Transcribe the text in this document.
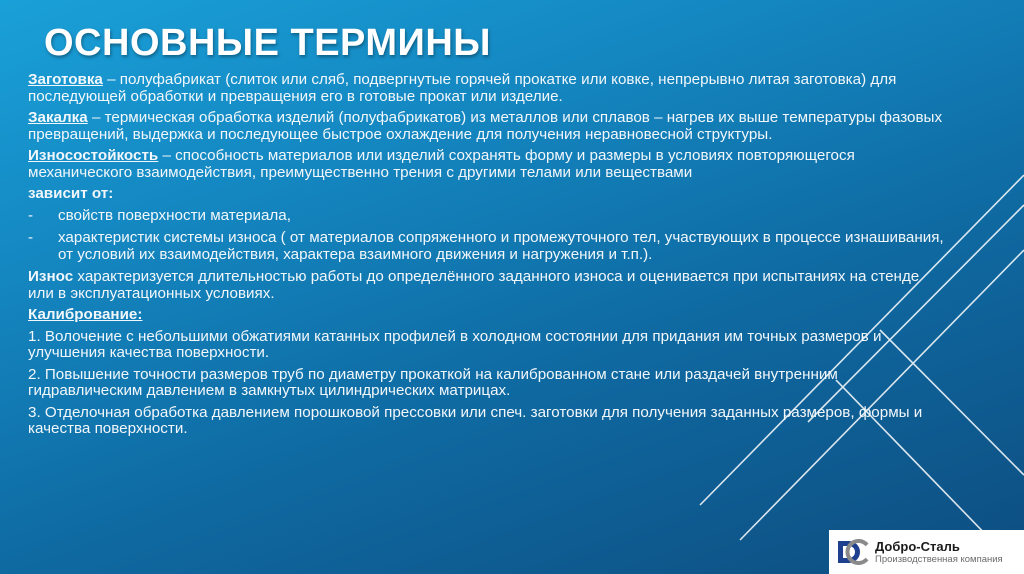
ОСНОВНЫЕ ТЕРМИНЫ

Заготовка – полуфабрикат (слиток или сляб, подвергнутые горячей прокатке или ковке, непрерывно литая заготовка) для последующей обработки и превращения его в готовые прокат или изделие.

Закалка – термическая обработка изделий (полуфабрикатов) из металлов или сплавов – нагрев их выше температуры фазовых превращений, выдержка и последующее быстрое охлаждение для получения неравновесной структуры.

Износостойкость – способность материалов или изделий сохранять форму и размеры в условиях повторяющегося механического взаимодействия, преимущественно трения с другими телами или веществами

зависит от:

-	свойств поверхности материала,
-	характеристик системы износа ( от материалов сопряженного и промежуточного тел, участвующих в процессе изнашивания, от условий их взаимодействия, характера взаимного движения и нагружения и т.п.).

Износ характеризуется длительностью работы до определённого заданного износа и оценивается при испытаниях на стенде или в эксплуатационных условиях.

Калибрование:

1. Волочение с небольшими обжатиями катанных профилей в холодном состоянии для придания им точных размеров и улучшения качества поверхности.

2. Повышение точности размеров труб по диаметру прокаткой на калиброванном стане или раздачей внутренним гидравлическим давлением в замкнутых цилиндрических матрицах.

3. Отделочная обработка давлением порошковой прессовки или спеч. заготовки для получения заданных размеров, формы и качества поверхности.

Добро-Сталь
Производственная компания
